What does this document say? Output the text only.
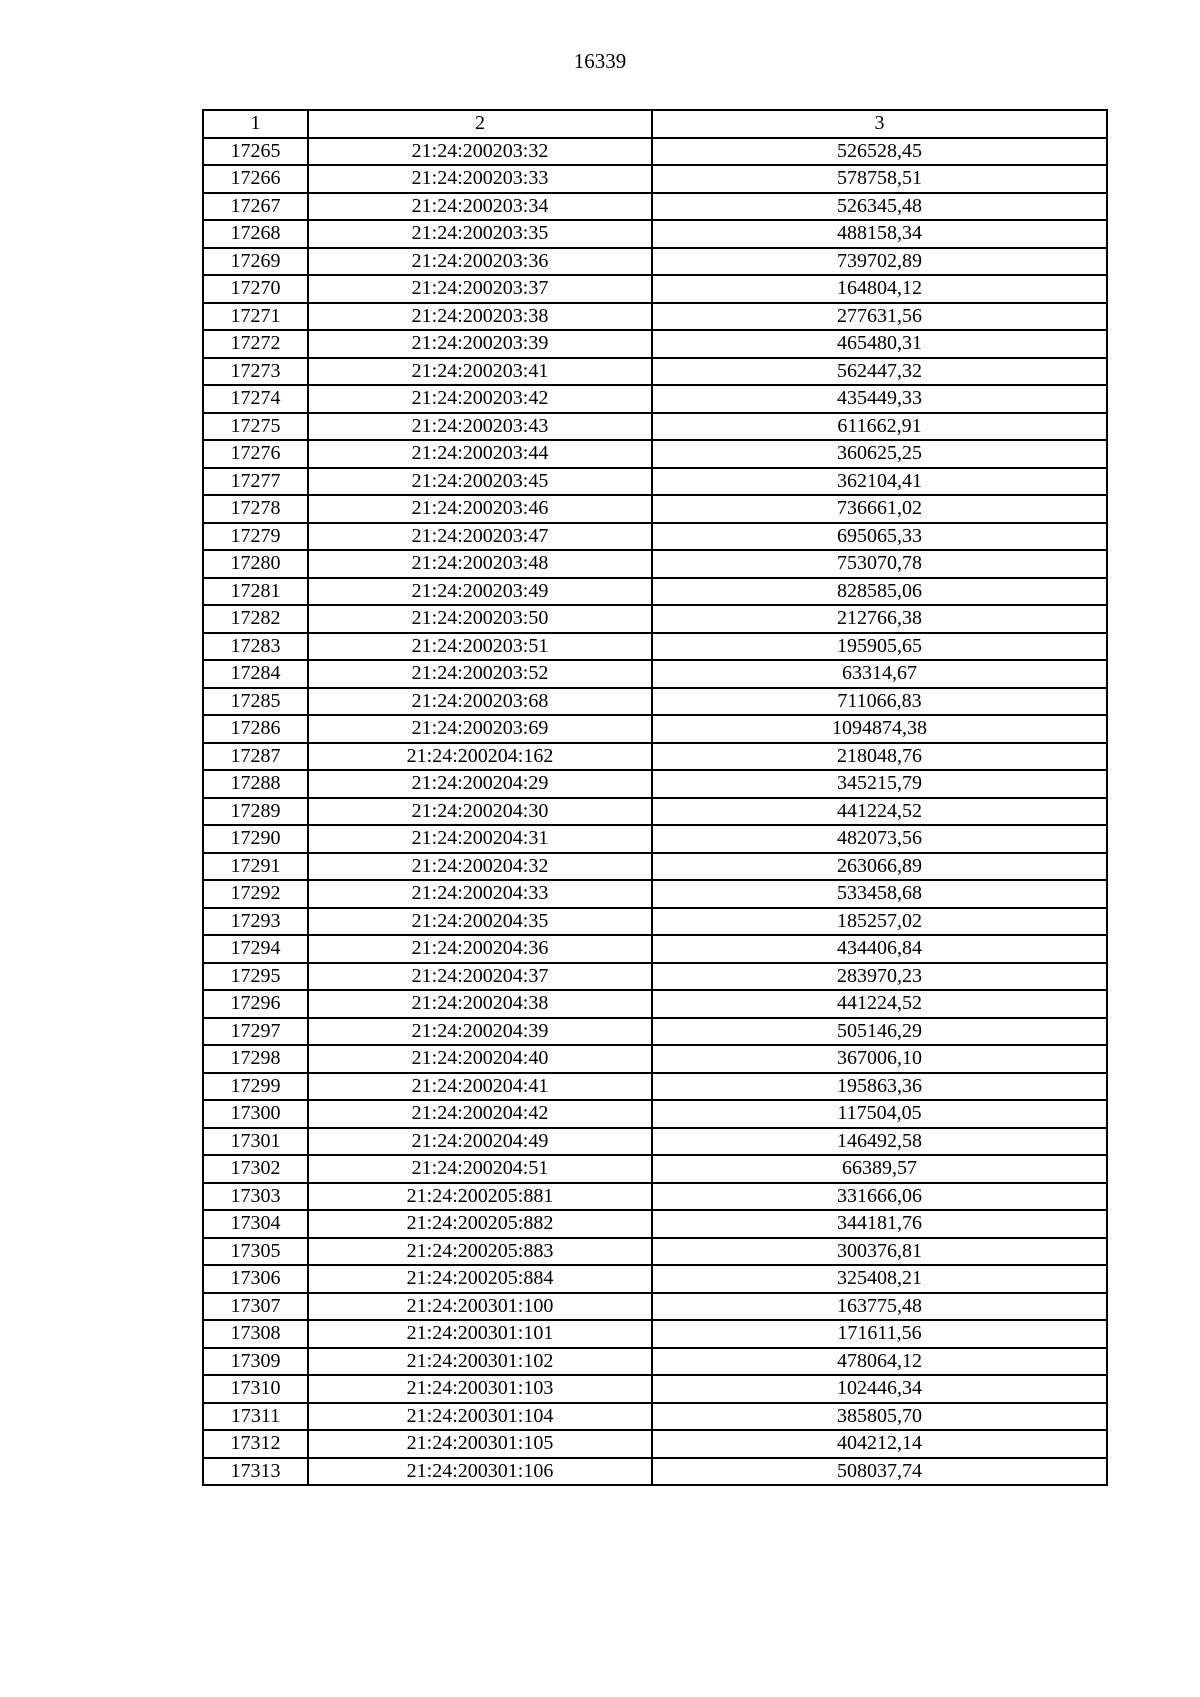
16339
1	2	3
17265	21:24:200203:32	526528,45
17266	21:24:200203:33	578758,51
17267	21:24:200203:34	526345,48
17268	21:24:200203:35	488158,34
17269	21:24:200203:36	739702,89
17270	21:24:200203:37	164804,12
17271	21:24:200203:38	277631,56
17272	21:24:200203:39	465480,31
17273	21:24:200203:41	562447,32
17274	21:24:200203:42	435449,33
17275	21:24:200203:43	611662,91
17276	21:24:200203:44	360625,25
17277	21:24:200203:45	362104,41
17278	21:24:200203:46	736661,02
17279	21:24:200203:47	695065,33
17280	21:24:200203:48	753070,78
17281	21:24:200203:49	828585,06
17282	21:24:200203:50	212766,38
17283	21:24:200203:51	195905,65
17284	21:24:200203:52	63314,67
17285	21:24:200203:68	711066,83
17286	21:24:200203:69	1094874,38
17287	21:24:200204:162	218048,76
17288	21:24:200204:29	345215,79
17289	21:24:200204:30	441224,52
17290	21:24:200204:31	482073,56
17291	21:24:200204:32	263066,89
17292	21:24:200204:33	533458,68
17293	21:24:200204:35	185257,02
17294	21:24:200204:36	434406,84
17295	21:24:200204:37	283970,23
17296	21:24:200204:38	441224,52
17297	21:24:200204:39	505146,29
17298	21:24:200204:40	367006,10
17299	21:24:200204:41	195863,36
17300	21:24:200204:42	117504,05
17301	21:24:200204:49	146492,58
17302	21:24:200204:51	66389,57
17303	21:24:200205:881	331666,06
17304	21:24:200205:882	344181,76
17305	21:24:200205:883	300376,81
17306	21:24:200205:884	325408,21
17307	21:24:200301:100	163775,48
17308	21:24:200301:101	171611,56
17309	21:24:200301:102	478064,12
17310	21:24:200301:103	102446,34
17311	21:24:200301:104	385805,70
17312	21:24:200301:105	404212,14
17313	21:24:200301:106	508037,74
